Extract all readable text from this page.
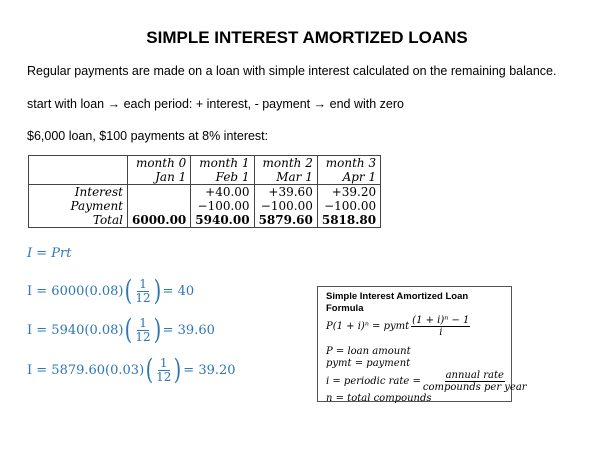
SIMPLE INTEREST AMORTIZED LOANS
Regular payments are made on a loan with simple interest calculated on the remaining balance.
start with loan → each period: + interest, - payment → end with zero
$6,000 loan, $100 payments at 8% interest:
	month 0	month 1	month 2	month 3
	Jan 1	Feb 1	Mar 1	Apr 1
Interest		+40.00	+39.60	+39.20
Payment		−100.00	−100.00	−100.00
Total	6000.00	5940.00	5879.60	5818.80
I = Prt
I = 6000(0.08) ( $\frac{1}{12}$ ) = 40
I = 5940(0.08) ( $\frac{1}{12}$ ) = 39.60
I = 5879.60(0.03) ( $\frac{1}{12}$ ) = 39.20
Simple Interest Amortized Loan Formula
P(1 + i)ⁿ = pymt $\frac{\text{(1 + i)ⁿ − 1}}{i}$
P = loan amount
pymt = payment
i = periodic rate = annual rate
compounds per year
n = total compounds
